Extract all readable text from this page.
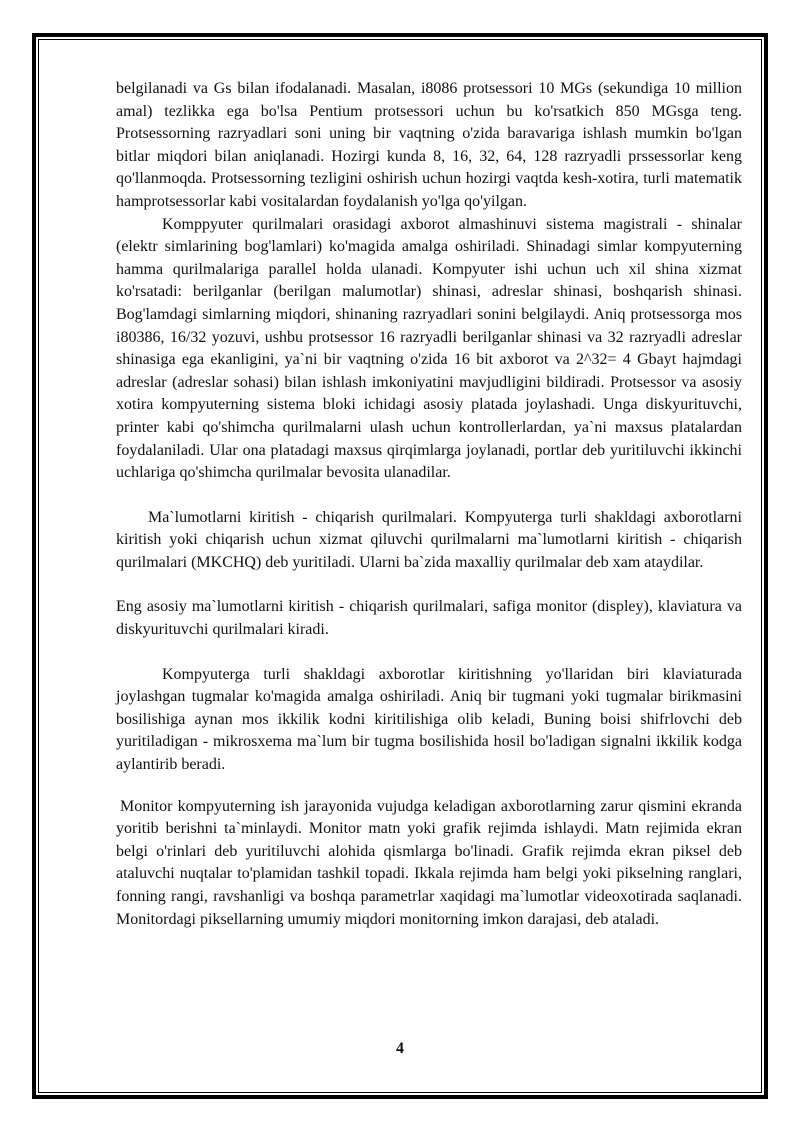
belgilanadi va Gs bilan ifodalanadi. Masalan, i8086 protsessori 10 MGs (sekundiga 10 million amal) tezlikka ega bo'lsa Pentium protsessori uchun bu ko'rsatkich 850 MGsga teng. Protsessorning razryadlari soni uning bir vaqtning o'zida baravariga ishlash mumkin bo'lgan bitlar miqdori bilan aniqlanadi. Hozirgi kunda 8, 16, 32, 64, 128 razryadli prssessorlar keng qo'llanmoqda. Protsessorning tezligini oshirish uchun hozirgi vaqtda kesh-xotira, turli matematik hamprotsessorlar kabi vositalardan foydalanish yo'lga qo'yilgan.

Komppyuter qurilmalari orasidagi axborot almashinuvi sistema magistrali - shinalar (elektr simlarining bog'lamlari) ko'magida amalga oshiriladi. Shinadagi simlar kompyuterning hamma qurilmalariga parallel holda ulanadi. Kompyuter ishi uchun uch xil shina xizmat ko'rsatadi: berilganlar (berilgan malumotlar) shinasi, adreslar shinasi, boshqarish shinasi. Bog'lamdagi simlarning miqdori, shinaning razryadlari sonini belgilaydi. Aniq protsessorga mos i80386, 16/32 yozuvi, ushbu protsessor 16 razryadli berilganlar shinasi va 32 razryadli adreslar shinasiga ega ekanligini, ya`ni bir vaqtning o'zida 16 bit axborot va 2^32= 4 Gbayt hajmdagi adreslar (adreslar sohasi) bilan ishlash imkoniyatini mavjudligini bildiradi. Protsessor va asosiy xotira kompyuterning sistema bloki ichidagi asosiy platada joylashadi. Unga diskyurituvchi, printer kabi qo'shimcha qurilmalarni ulash uchun kontrollerlardan, ya`ni maxsus platalardan foydalaniladi. Ular ona platadagi maxsus qirqimlarga joylanadi, portlar deb yuritiluvchi ikkinchi uchlariga qo'shimcha qurilmalar bevosita ulanadilar.

Ma`lumotlarni kiritish - chiqarish qurilmalari. Kompyuterga turli shakldagi axborotlarni kiritish yoki chiqarish uchun xizmat qiluvchi qurilmalarni ma`lumotlarni kiritish - chiqarish qurilmalari (MKCHQ) deb yuritiladi. Ularni ba`zida maxalliy qurilmalar deb xam ataydilar.

Eng asosiy ma`lumotlarni kiritish - chiqarish qurilmalari, safiga monitor (displey), klaviatura va diskyurituvchi qurilmalari kiradi.

Kompyuterga turli shakldagi axborotlar kiritishning yo'llaridan biri klaviaturada joylashgan tugmalar ko'magida amalga oshiriladi. Aniq bir tugmani yoki tugmalar birikmasini bosilishiga aynan mos ikkilik kodni kiritilishiga olib keladi, Buning boisi shifrlovchi deb yuritiladigan - mikrosxema ma`lum bir tugma bosilishida hosil bo'ladigan signalni ikkilik kodga aylantirib beradi.

Monitor kompyuterning ish jarayonida vujudga keladigan axborotlarning zarur qismini ekranda yoritib berishni ta`minlaydi. Monitor matn yoki grafik rejimda ishlaydi. Matn rejimida ekran belgi o'rinlari deb yuritiluvchi alohida qismlarga bo'linadi. Grafik rejimda ekran piksel deb ataluvchi nuqtalar to'plamidan tashkil topadi. Ikkala rejimda ham belgi yoki pikselning ranglari, fonning rangi, ravshanligi va boshqa parametrlar xaqidagi ma`lumotlar videoxotirada saqlanadi. Monitordagi piksellarning umumiy miqdori monitorning imkon darajasi, deb ataladi.

4
